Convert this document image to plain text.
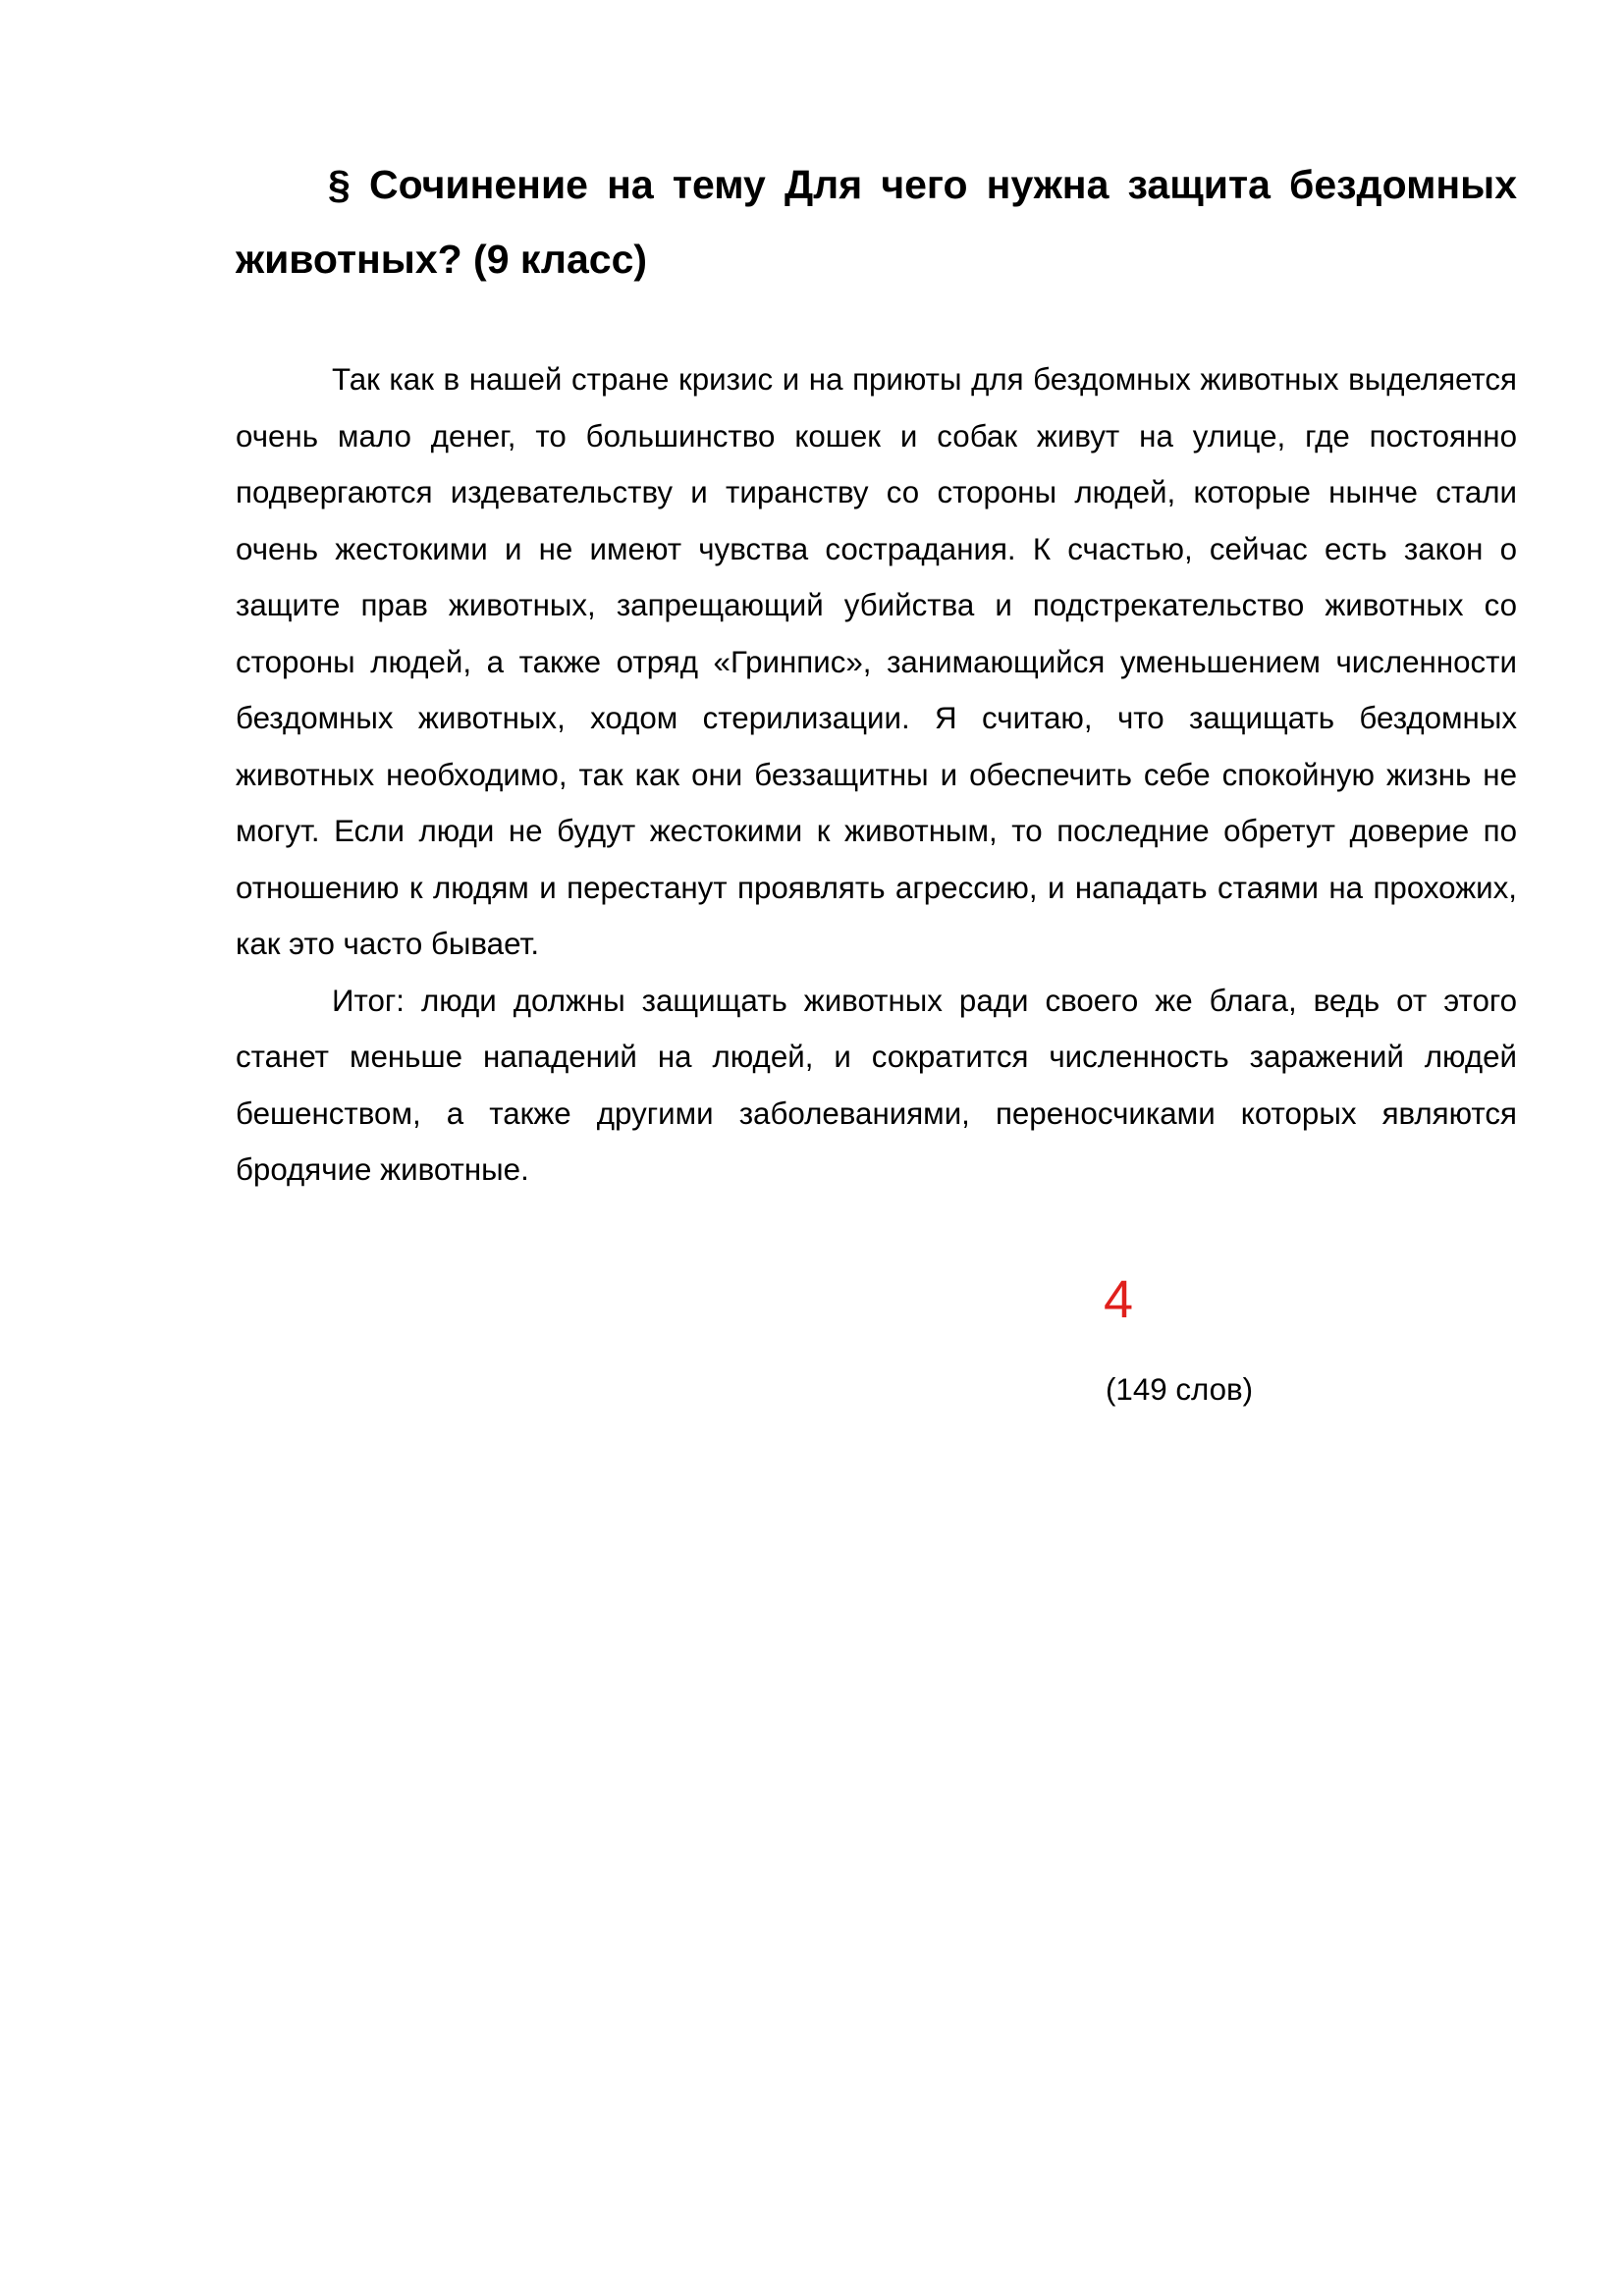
§ Сочинение на тему Для чего нужна защита бездомных животных? (9 класс)

Так как в нашей стране кризис и на приюты для бездомных животных выделяется очень мало денег, то большинство кошек и собак живут на улице, где постоянно подвергаются издевательству и тиранству со стороны людей, которые нынче стали очень жестокими и не имеют чувства сострадания. К счастью, сейчас есть закон о защите прав животных, запрещающий убийства и подстрекательство животных со стороны людей, а также отряд «Гринпис», занимающийся уменьшением численности бездомных животных, ходом стерилизации. Я считаю, что защищать бездомных животных необходимо, так как они беззащитны и обеспечить себе спокойную жизнь не могут. Если люди не будут жестокими к животным, то последние обретут доверие по отношению к людям и перестанут проявлять агрессию, и нападать стаями на прохожих, как это часто бывает.

Итог: люди должны защищать животных ради своего же блага, ведь от этого станет меньше нападений на людей, и сократится численность заражений людей бешенством, а также другими заболеваниями, переносчиками которых являются бродячие животные.

4
(149 слов)
